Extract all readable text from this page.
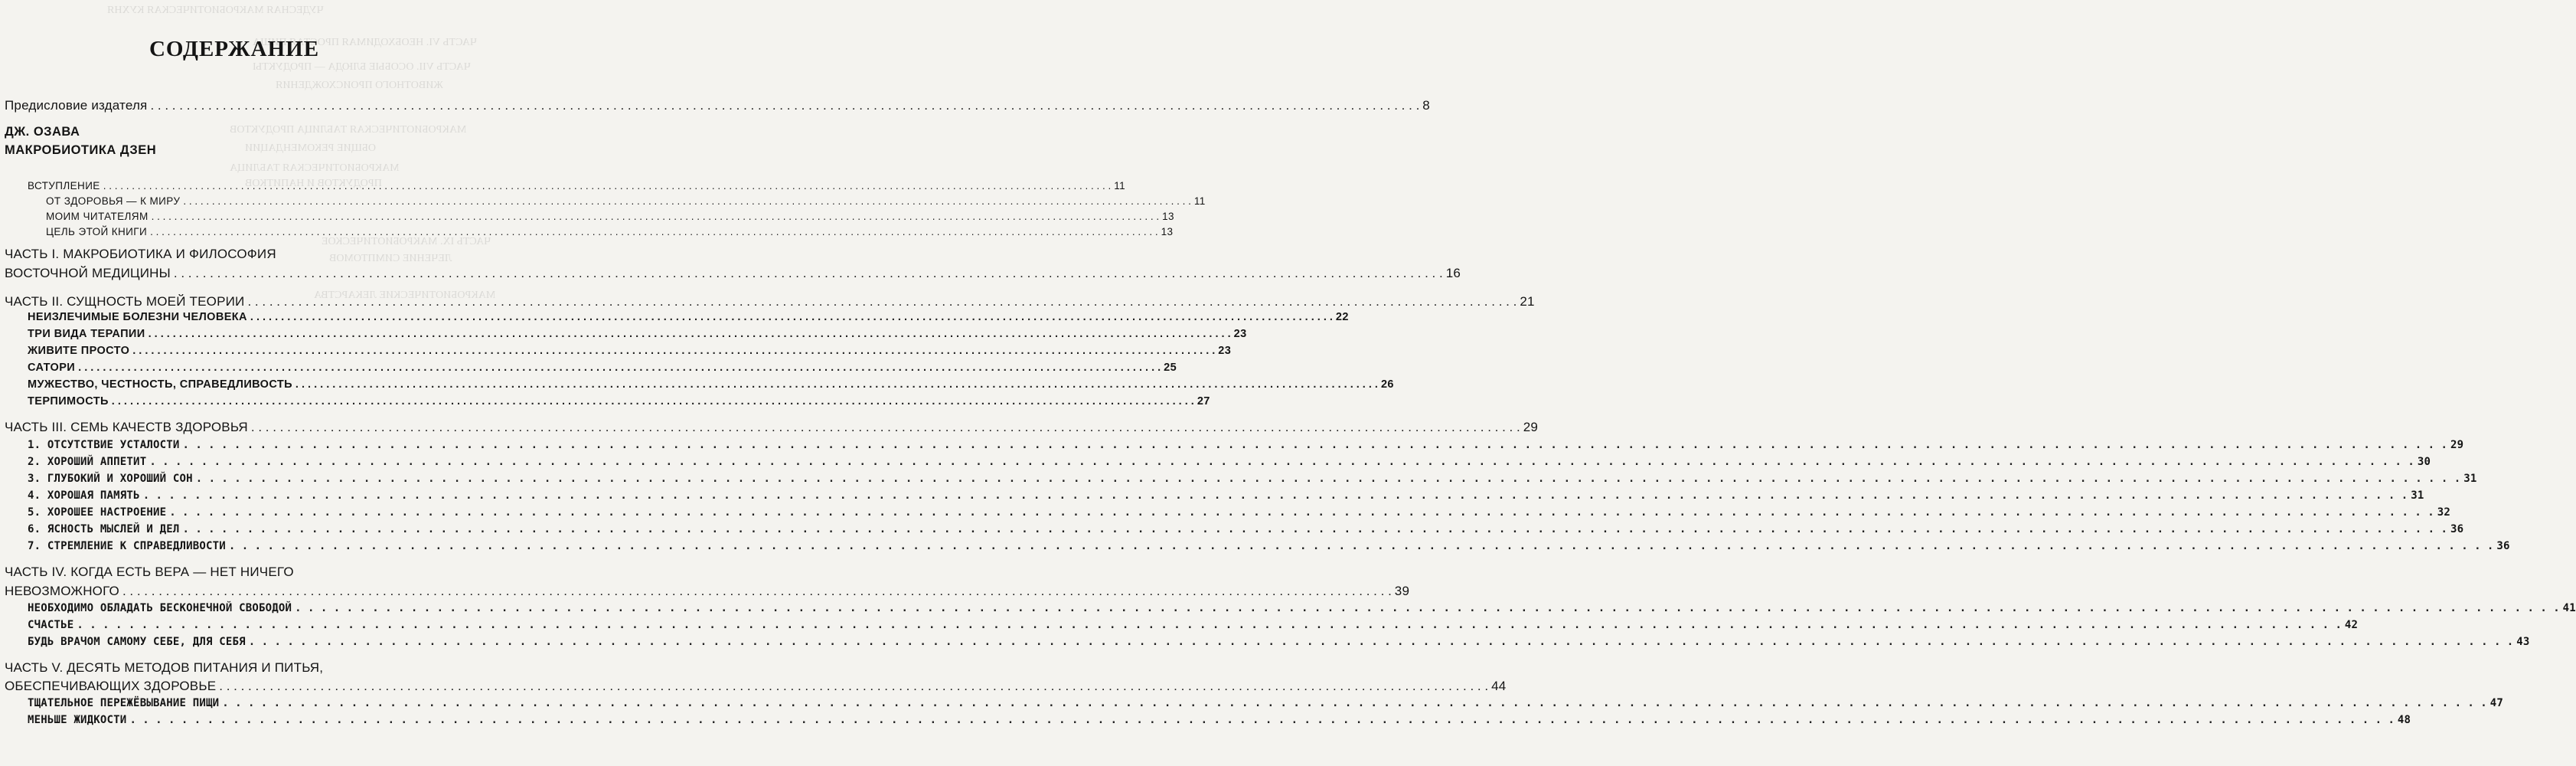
ЧУДЕСНАЯ МАКРОБИОТИЧЕСКАЯ КУХНЯ
ЧАСТЬ VI. НЕОБХОДИМАЯ ПРОСТАЯ ПИЩА
ЧАСТЬ VII. ОСОБЫЕ БЛЮДА — ПРОДУКТЫ
ЖИВОТНОГО ПРОИСХОЖДЕНИЯ
МАКРОБИОТИЧЕСКАЯ ТАБЛИЦА ПРОДУКТОВ
ОБЩИЕ РЕКОМЕНДАЦИИ
МАКРОБИОТИЧЕСКАЯ ТАБЛИЦА
ПРОДУКТОВ И НАПИТКОВ
ЧАСТЬ IX. МАКРОБИОТИЧЕСКОЕ
ЛЕЧЕНИЕ СИМПТОМОВ
МАКРОБИОТИЧЕСКИЕ ЛЕКАРСТВА
СОДЕРЖАНИЕ
Предисловие издателя . . .	8
ДЖ. ОЗАВА
МАКРОБИОТИКА ДЗЕН
ВСТУПЛЕНИЕ . . .	11
ОТ ЗДОРОВЬЯ — К МИРУ . . .	11
МОИМ ЧИТАТЕЛЯМ . . .	13
ЦЕЛЬ ЭТОЙ КНИГИ . . .	13
ЧАСТЬ I. МАКРОБИОТИКА И ФИЛОСОФИЯ
ВОСТОЧНОЙ МЕДИЦИНЫ . . .	16
ЧАСТЬ II. СУЩНОСТЬ МОЕЙ ТЕОРИИ . . .	21
НЕИЗЛЕЧИМЫЕ БОЛЕЗНИ ЧЕЛОВЕКА . . .	22
ТРИ ВИДА ТЕРАПИИ . . .	23
ЖИВИТЕ ПРОСТО . . .	23
САТОРИ . . .	25
МУЖЕСТВО, ЧЕСТНОСТЬ, СПРАВЕДЛИВОСТЬ . . .	26
ТЕРПИМОСТЬ . . .	27
ЧАСТЬ III. СЕМЬ КАЧЕСТВ ЗДОРОВЬЯ . . .	29
1. ОТСУТСТВИЕ УСТАЛОСТИ . . .	29
2. ХОРОШИЙ АППЕТИТ . . .	30
3. ГЛУБОКИЙ И ХОРОШИЙ СОН . . .	31
4. ХОРОШАЯ ПАМЯТЬ . . .	31
5. ХОРОШЕЕ НАСТРОЕНИЕ . . .	32
6. ЯСНОСТЬ МЫСЛЕЙ И ДЕЛ . . .	36
7. СТРЕМЛЕНИЕ К СПРАВЕДЛИВОСТИ . . .	36
ЧАСТЬ IV. КОГДА ЕСТЬ ВЕРА — НЕТ НИЧЕГО
НЕВОЗМОЖНОГО . . .	39
НЕОБХОДИМО ОБЛАДАТЬ БЕСКОНЕЧНОЙ СВОБОДОЙ . . .	41
СЧАСТЬЕ . . .	42
БУДЬ ВРАЧОМ САМОМУ СЕБЕ, ДЛЯ СЕБЯ . . .	43
ЧАСТЬ V. ДЕСЯТЬ МЕТОДОВ ПИТАНИЯ И ПИТЬЯ,
ОБЕСПЕЧИВАЮЩИХ ЗДОРОВЬЕ . . .	44
ТЩАТЕЛЬНОЕ ПЕРЕЖЁВЫВАНИЕ ПИЩИ . . .	47
МЕНЬШЕ ЖИДКОСТИ . . .	48
